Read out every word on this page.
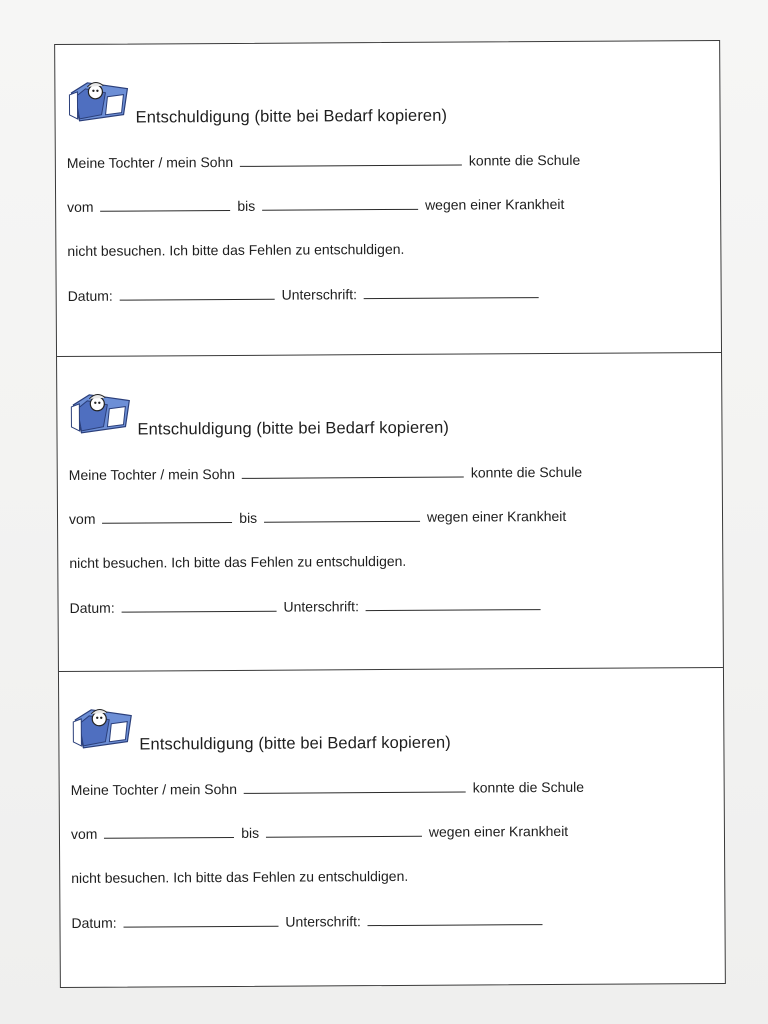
Entschuldigung (bitte bei Bedarf kopieren)
Meine Tochter / mein Sohn	konnte die Schule
vom	bis	wegen einer Krankheit
nicht besuchen. Ich bitte das Fehlen zu entschuldigen.
Datum:	Unterschrift:
Entschuldigung (bitte bei Bedarf kopieren)
Meine Tochter / mein Sohn	konnte die Schule
vom	bis	wegen einer Krankheit
nicht besuchen. Ich bitte das Fehlen zu entschuldigen.
Datum:	Unterschrift:
Entschuldigung (bitte bei Bedarf kopieren)
Meine Tochter / mein Sohn	konnte die Schule
vom	bis	wegen einer Krankheit
nicht besuchen. Ich bitte das Fehlen zu entschuldigen.
Datum:	Unterschrift:
